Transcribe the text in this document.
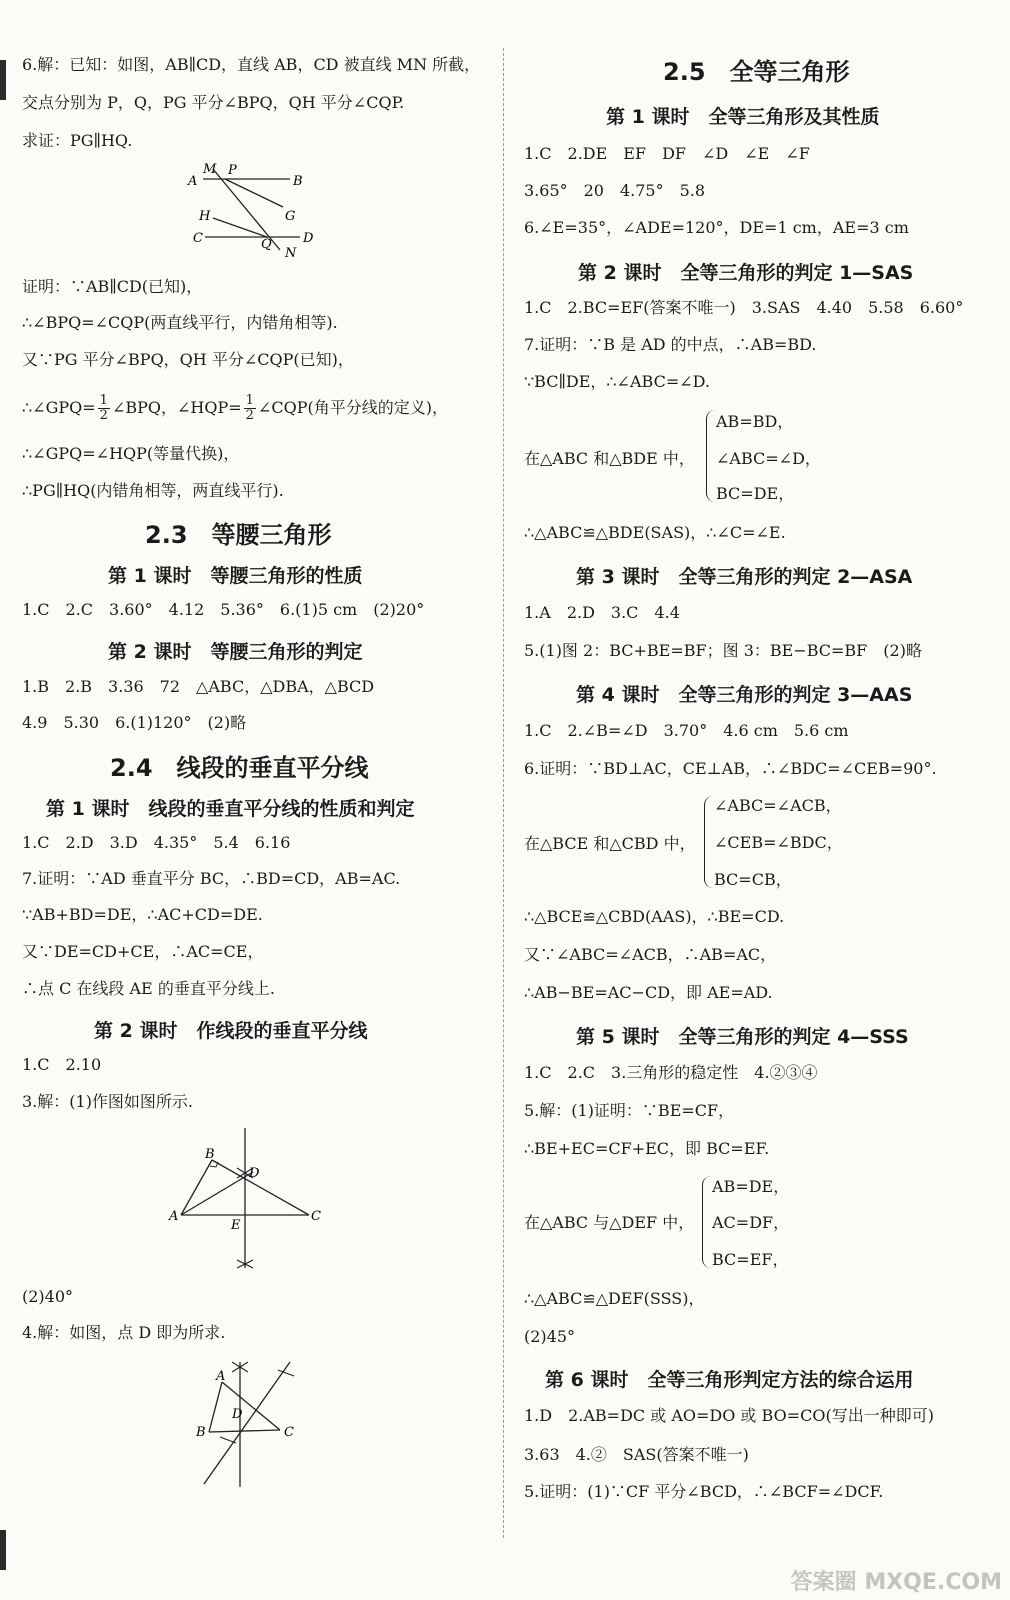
6.解：已知：如图，AB∥CD，直线 AB，CD 被直线 MN 所截，
交点分别为 P，Q，PG 平分∠BPQ，QH 平分∠CQP.
求证：PG∥HQ.
A
M P
B
H	G
C	Q D
N
证明：∵AB∥CD(已知)，
∴∠BPQ=∠CQP(两直线平行，内错角相等).
又∵PG 平分∠BPQ，QH 平分∠CQP(已知)，
∴∠GPQ= $\frac{1}{2}$ ∠BPQ，∠HQP= $\frac{1}{2}$ ∠CQP(角平分线的定义)，
∴∠GPQ=∠HQP(等量代换)，
∴PG∥HQ(内错角相等，两直线平行).
2.3　等腰三角形
第 1 课时　等腰三角形的性质
1.C　2.C　3.60°　4.12　5.36°　6.(1)5 cm　(2)20°
第 2 课时　等腰三角形的判定
1.B　2.B　3.36　72　△ABC，△DBA，△BCD
4.9　5.30　6.(1)120°　(2)略
2.4　线段的垂直平分线
第 1 课时　线段的垂直平分线的性质和判定
1.C　2.D　3.D　4.35°　5.4　6.16
7.证明：∵AD 垂直平分 BC，∴BD=CD，AB=AC.
∵AB+BD=DE，∴AC+CD=DE.
又∵DE=CD+CE，∴AC=CE，
∴点 C 在线段 AE 的垂直平分线上.
第 2 课时　作线段的垂直平分线
1.C　2.10
3.解：(1)作图如图所示.
B
D
A
E
C
(2)40°
4.解：如图，点 D 即为所求.
A
D
B	C
2.5　全等三角形
第 1 课时　全等三角形及其性质
1.C　2.DE　EF　DF　∠D　∠E　∠F
3.65°　20　4.75°　5.8
6.∠E=35°，∠ADE=120°，DE=1 cm，AE=3 cm
第 2 课时　全等三角形的判定 1—SAS
1.C　2.BC=EF(答案不唯一)　3.SAS　4.40　5.58　6.60°
7.证明：∵B 是 AD 的中点，∴AB=BD.
∵BC∥DE，∴∠ABC=∠D.
在△ABC 和△BDE 中，
AB=BD，
∠ABC=∠D，
BC=DE，
∴△ABC≌△BDE(SAS)，∴∠C=∠E.
第 3 课时　全等三角形的判定 2—ASA
1.A　2.D　3.C　4.4
5.(1)图 2：BC+BE=BF；图 3：BE−BC=BF　(2)略
第 4 课时　全等三角形的判定 3—AAS
1.C　2.∠B=∠D　3.70°　4.6 cm　5.6 cm
6.证明：∵BD⊥AC，CE⊥AB，∴∠BDC=∠CEB=90°.
在△BCE 和△CBD 中，
∠ABC=∠ACB，
∠CEB=∠BDC，
BC=CB，
∴△BCE≌△CBD(AAS)，∴BE=CD.
又∵∠ABC=∠ACB，∴AB=AC，
∴AB−BE=AC−CD，即 AE=AD.
第 5 课时　全等三角形的判定 4—SSS
1.C　2.C　3.三角形的稳定性　4.②③④
5.解：(1)证明：∵BE=CF，
∴BE+EC=CF+EC，即 BC=EF.
在△ABC 与△DEF 中，
AB=DE，
AC=DF，
BC=EF，
∴△ABC≌△DEF(SSS)，
(2)45°
第 6 课时　全等三角形判定方法的综合运用
1.D　2.AB=DC 或 AO=DO 或 BO=CO(写出一种即可)
3.63　4.②　SAS(答案不唯一)
5.证明：(1)∵CF 平分∠BCD，∴∠BCF=∠DCF.
答案圈 MXQE.COM
